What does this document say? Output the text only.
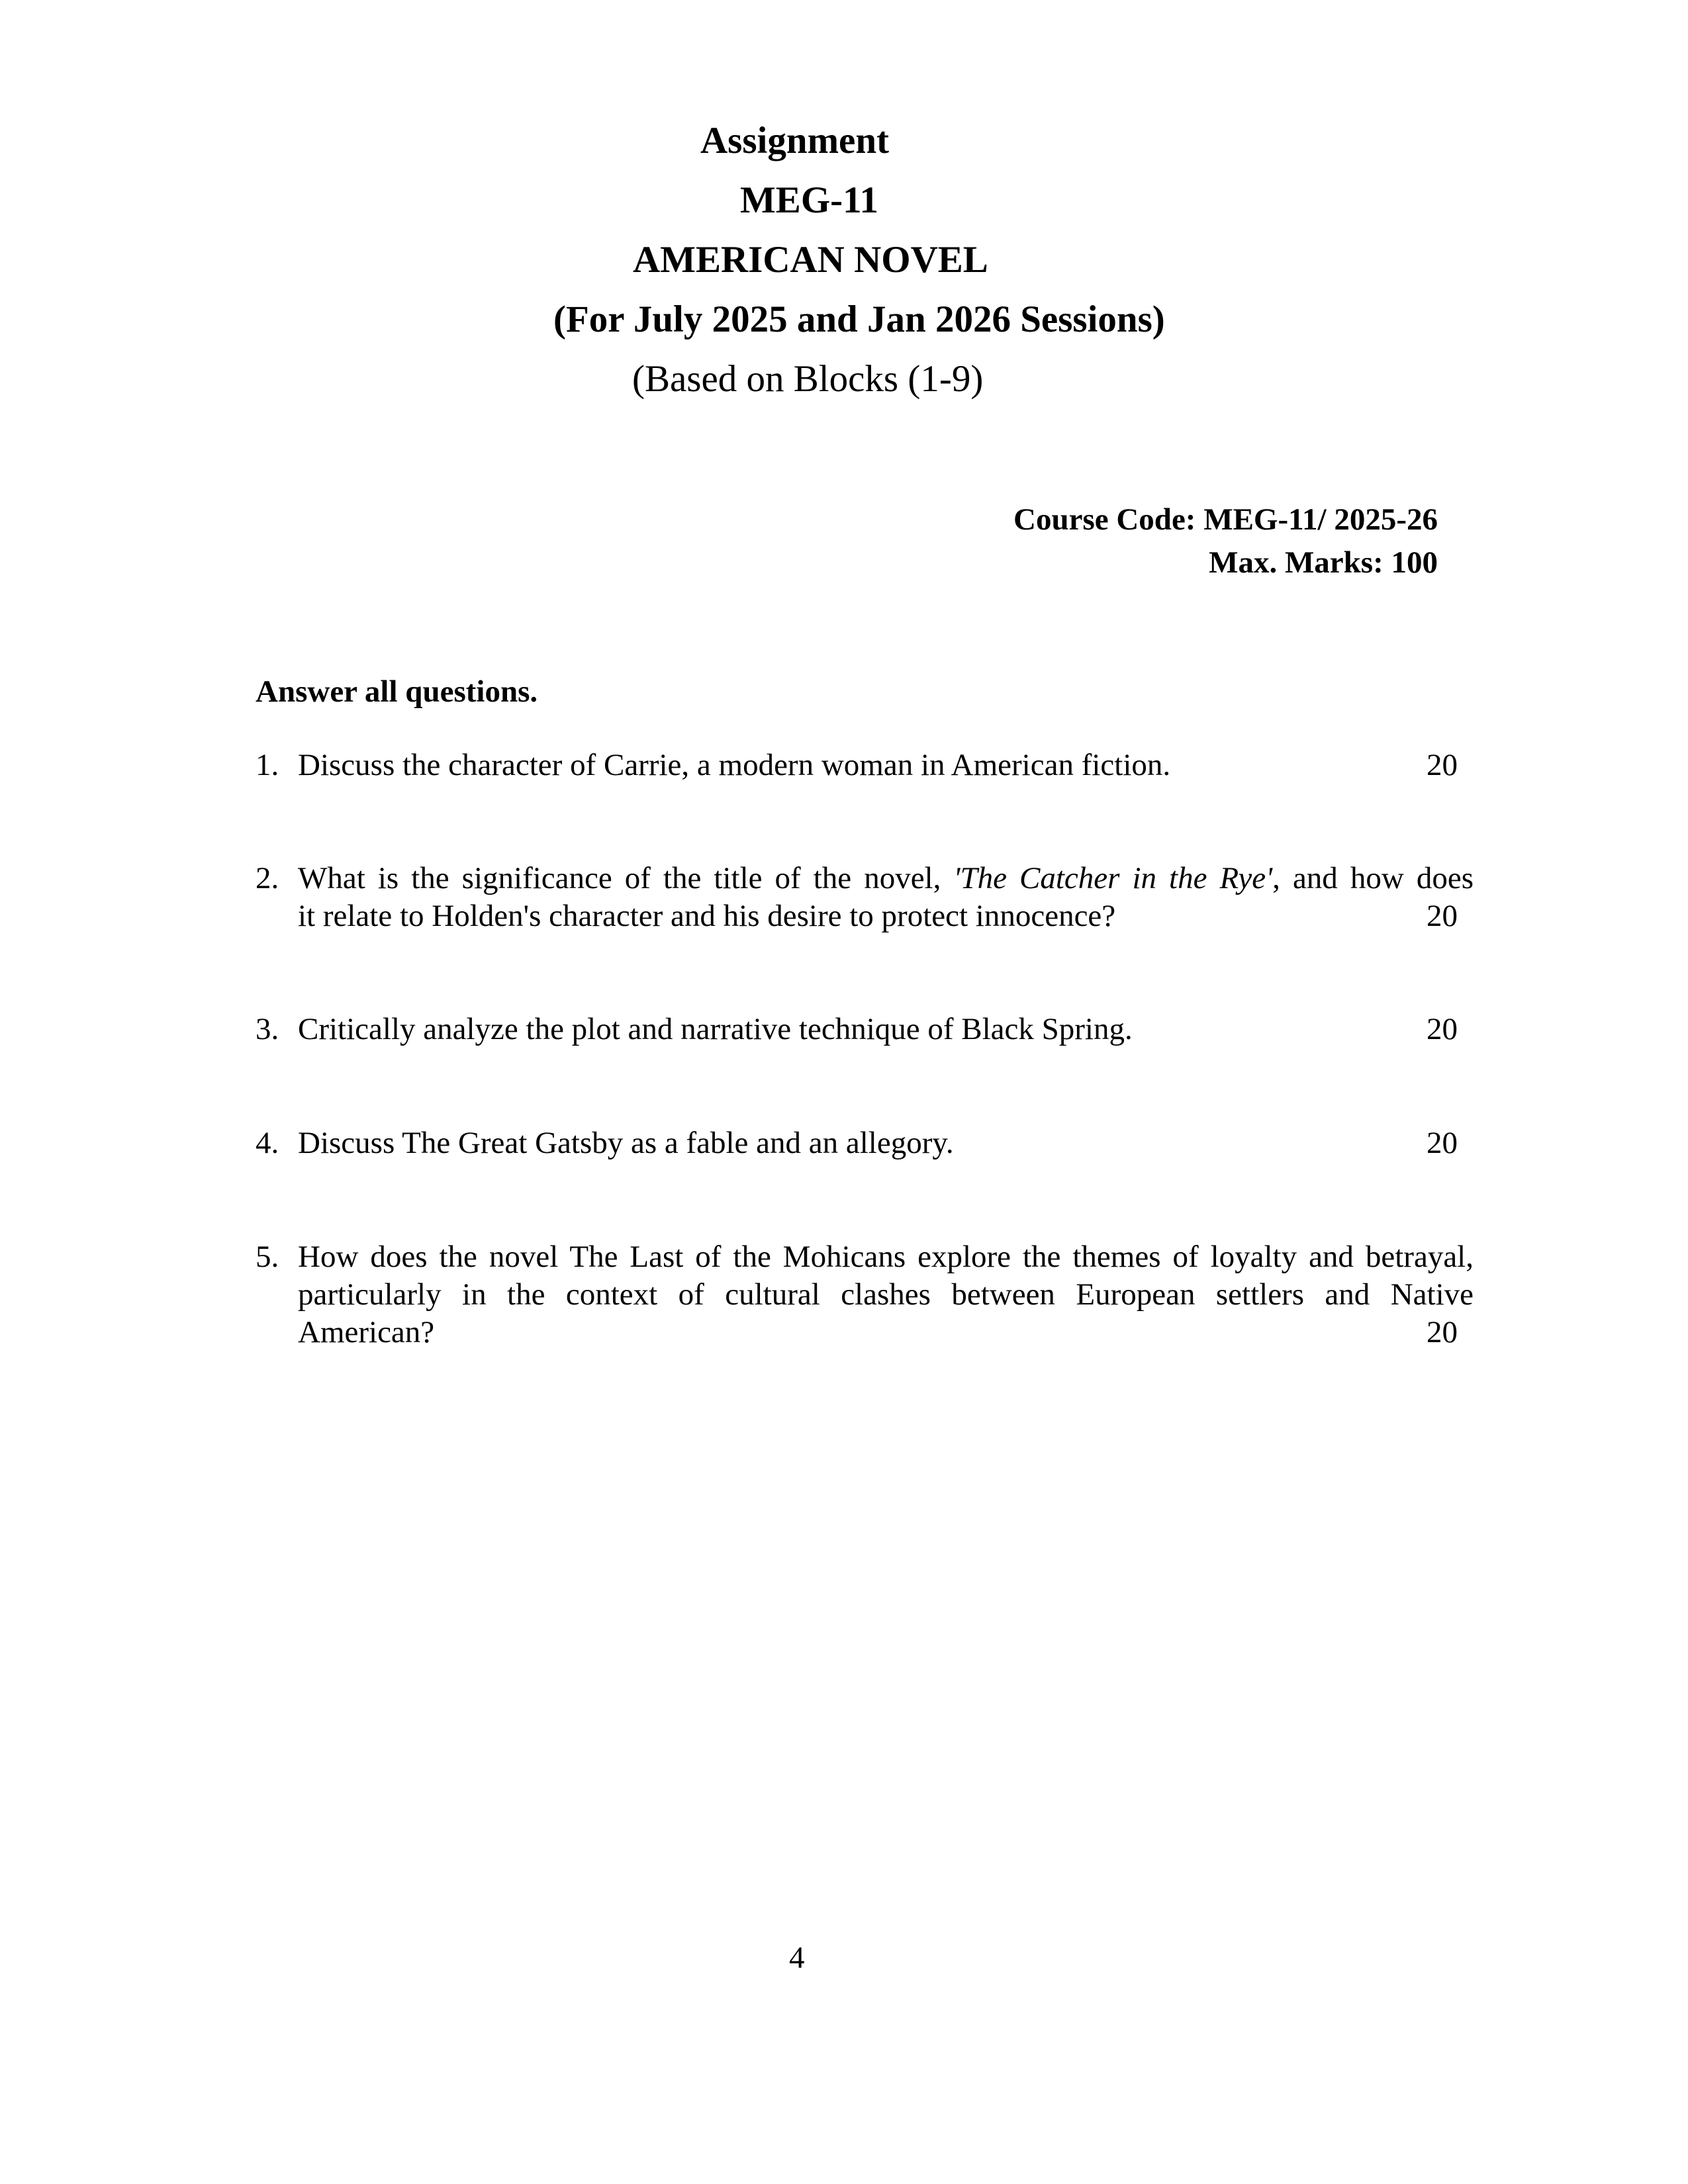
Assignment
MEG-11
AMERICAN NOVEL
(For July 2025 and Jan 2026 Sessions)
(Based on Blocks (1-9)
Course Code: MEG-11/ 2025-26
Max. Marks: 100
Answer all questions.
1. Discuss the character of Carrie, a modern woman in American fiction.	20
2. What is the significance of the title of the novel, 'The Catcher in the Rye', and how does
it relate to Holden's character and his desire to protect innocence?	20
3. Critically analyze the plot and narrative technique of Black Spring.	20
4. Discuss The Great Gatsby as a fable and an allegory.	20
5. How does the novel The Last of the Mohicans explore the themes of loyalty and betrayal,
particularly in the context of cultural clashes between European settlers and Native
American?	20
4
